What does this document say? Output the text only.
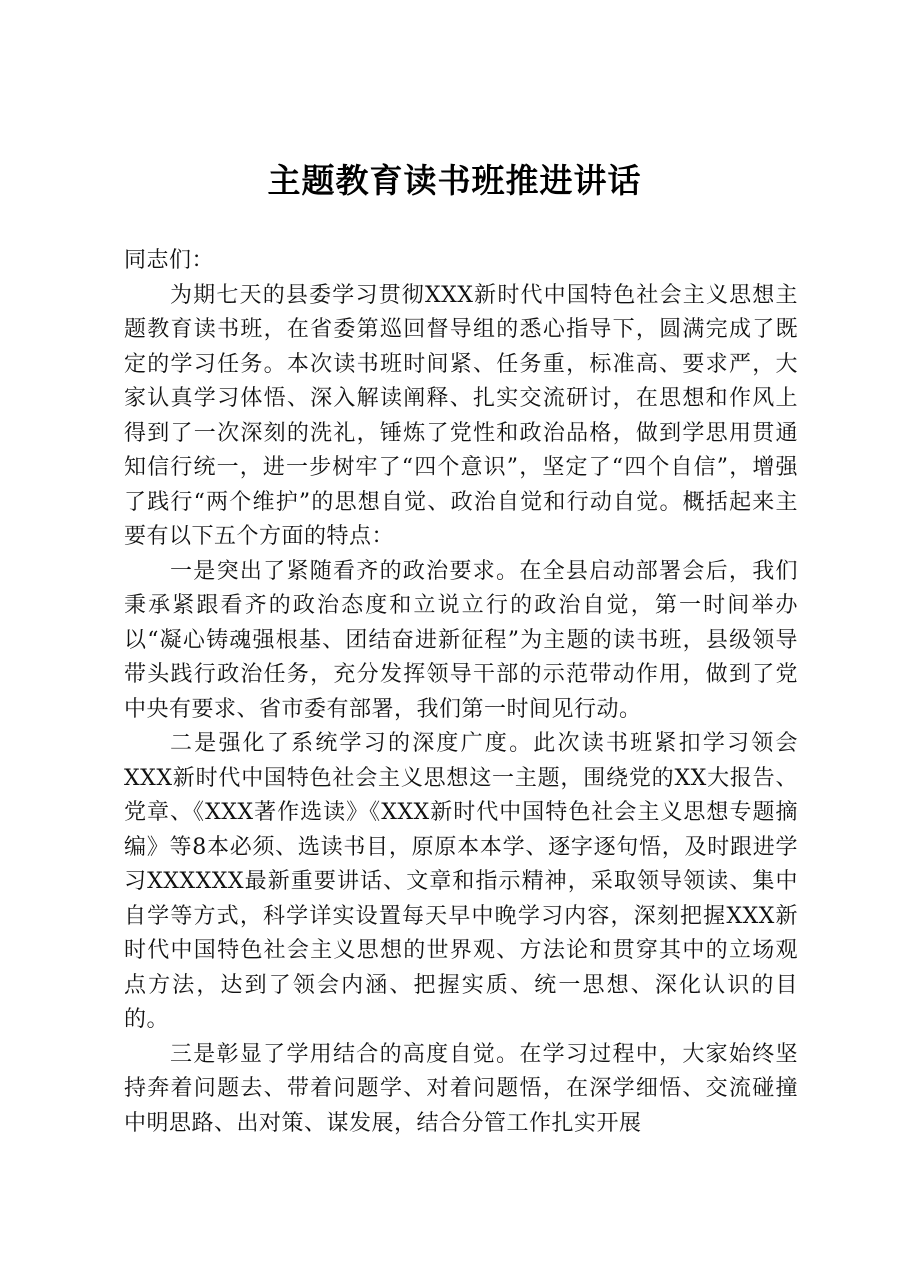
主题教育读书班推进讲话

同志们：

为期七天的县委学习贯彻XXX新时代中国特色社会主义思想主题教育读书班，在省委第巡回督导组的悉心指导下，圆满完成了既定的学习任务。本次读书班时间紧、任务重，标准高、要求严，大家认真学习体悟、深入解读阐释、扎实交流研讨，在思想和作风上得到了一次深刻的洗礼，锤炼了党性和政治品格，做到学思用贯通知信行统一，进一步树牢了“四个意识”，坚定了“四个自信”，增强了践行“两个维护”的思想自觉、政治自觉和行动自觉。概括起来主要有以下五个方面的特点：

一是突出了紧随看齐的政治要求。在全县启动部署会后，我们秉承紧跟看齐的政治态度和立说立行的政治自觉，第一时间举办以“凝心铸魂强根基、团结奋进新征程”为主题的读书班，县级领导带头践行政治任务，充分发挥领导干部的示范带动作用，做到了党中央有要求、省市委有部署，我们第一时间见行动。

二是强化了系统学习的深度广度。此次读书班紧扣学习领会XXX新时代中国特色社会主义思想这一主题，围绕党的XX大报告、党章、《XXX著作选读》《XXX新时代中国特色社会主义思想专题摘编》等8本必须、选读书目，原原本本学、逐字逐句悟，及时跟进学习XXXXXX最新重要讲话、文章和指示精神，采取领导领读、集中自学等方式，科学详实设置每天早中晚学习内容，深刻把握XXX新时代中国特色社会主义思想的世界观、方法论和贯穿其中的立场观点方法，达到了领会内涵、把握实质、统一思想、深化认识的目的。

三是彰显了学用结合的高度自觉。在学习过程中，大家始终坚持奔着问题去、带着问题学、对着问题悟，在深学细悟、交流碰撞中明思路、出对策、谋发展，结合分管工作扎实开展
